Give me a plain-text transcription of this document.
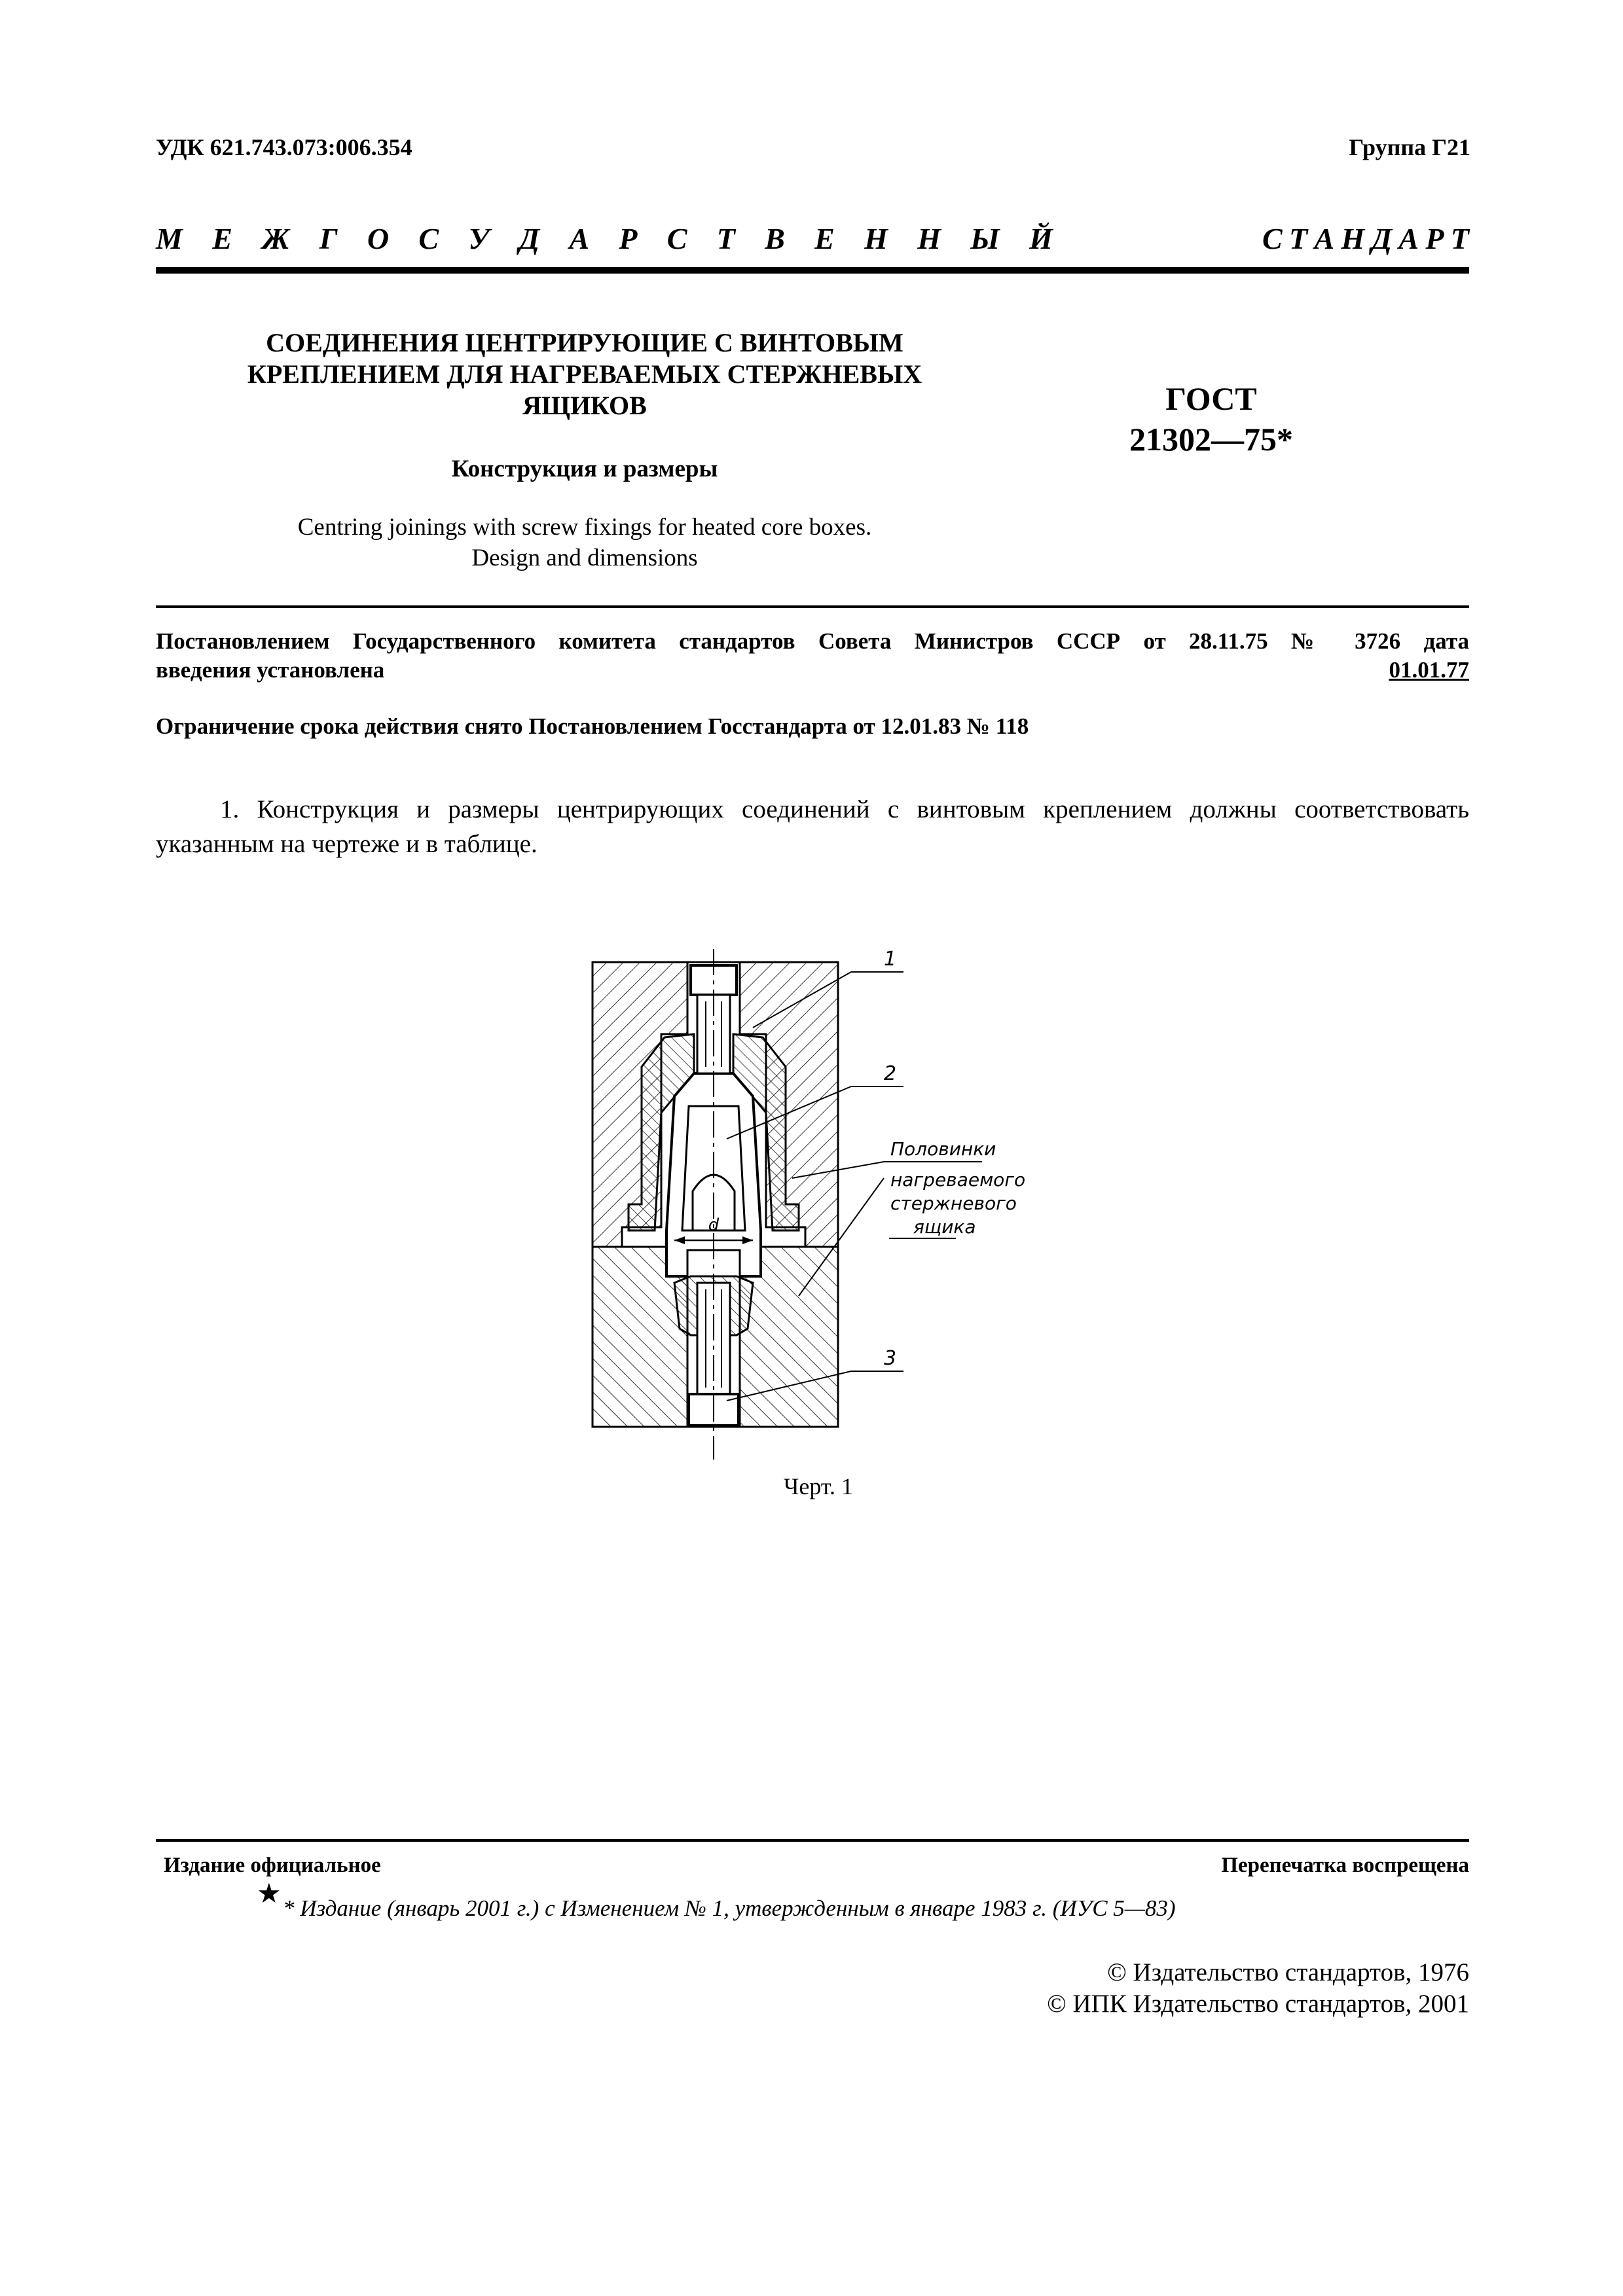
УДК 621.743.073:006.354	Группа Г21
М Е Ж Г О С У Д А Р С Т В Е Н Н Ы Й	С Т А Н Д А Р Т
СОЕДИНЕНИЯ ЦЕНТРИРУЮЩИЕ С ВИНТОВЫМ
КРЕПЛЕНИЕМ ДЛЯ НАГРЕВАЕМЫХ СТЕРЖНЕВЫХ
ЯЩИКОВ
Конструкция и размеры
Centring joinings with screw fixings for heated core boxes.
Design and dimensions
ГОСТ
21302—75*
Постановлением Государственного комитета стандартов Совета Министров СССР от 28.11.75 № 3726 дата
введения установлена	01.01.77
Ограничение срока действия снято Постановлением Госстандарта от 12.01.83 № 118
1. Конструкция и размеры центрирующих соединений с винтовым креплением должны соответствовать указанным на чертеже и в таблице.
d
1
2
Половинки
нагреваемого
стержневого
ящика
3
Черт. 1
Издание официальное	Перепечатка воспрещена
★ * Издание (январь 2001 г.) с Изменением № 1, утвержденным в январе 1983 г. (ИУС 5—83)
© Издательство стандартов, 1976
© ИПК Издательство стандартов, 2001
